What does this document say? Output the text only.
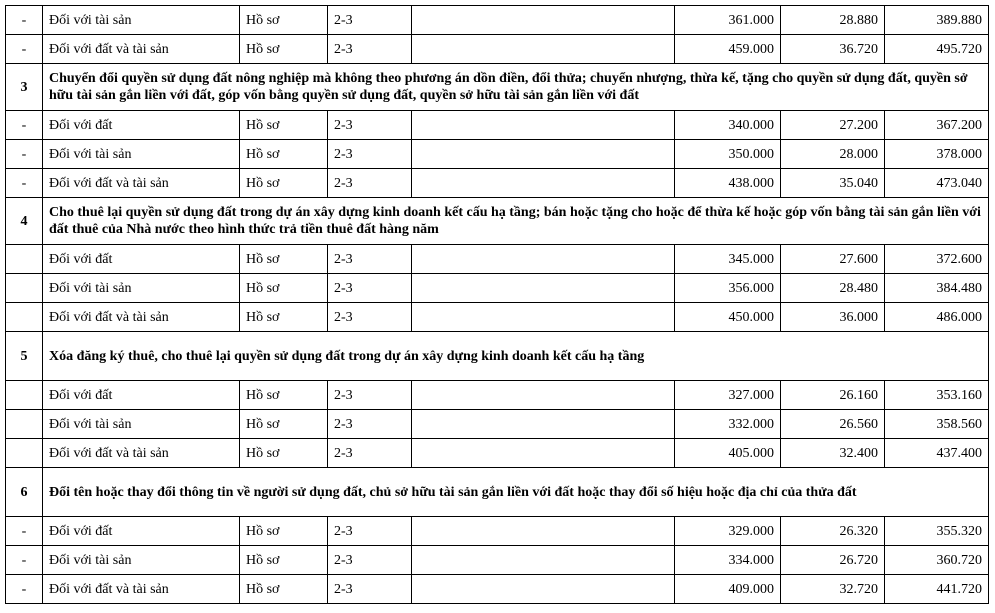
-	Đối với tài sản	Hồ sơ	2-3		361.000	28.880	389.880	
-	Đối với đất và tài sản	Hồ sơ	2-3		459.000	36.720	495.720	
3	Chuyển đổi quyền sử dụng đất nông nghiệp mà không theo phương án dồn điền, đổi thửa; chuyển nhượng, thừa kế, tặng cho quyền sử dụng đất, quyền sở hữu tài sản gắn liền với đất, góp vốn bằng quyền sử dụng đất, quyền sở hữu tài sản gắn liền với đất							
-	Đối với đất	Hồ sơ	2-3		340.000	27.200	367.200	
-	Đối với tài sản	Hồ sơ	2-3		350.000	28.000	378.000	
-	Đối với đất và tài sản	Hồ sơ	2-3		438.000	35.040	473.040	
4	Cho thuê lại quyền sử dụng đất trong dự án xây dựng kinh doanh kết cấu hạ tầng; bán hoặc tặng cho hoặc để thừa kế hoặc góp vốn bằng tài sản gắn liền với đất thuê của Nhà nước theo hình thức trả tiền thuê đất hàng năm							
	Đối với đất	Hồ sơ	2-3		345.000	27.600	372.600	
	Đối với tài sản	Hồ sơ	2-3		356.000	28.480	384.480	
	Đối với đất và tài sản	Hồ sơ	2-3		450.000	36.000	486.000	
5	Xóa đăng ký thuê, cho thuê lại quyền sử dụng đất trong dự án xây dựng kinh doanh kết cấu hạ tầng							
	Đối với đất	Hồ sơ	2-3		327.000	26.160	353.160	
	Đối với tài sản	Hồ sơ	2-3		332.000	26.560	358.560	
	Đối với đất và tài sản	Hồ sơ	2-3		405.000	32.400	437.400	
6	Đổi tên hoặc thay đổi thông tin về người sử dụng đất, chủ sở hữu tài sản gắn liền với đất hoặc thay đổi số hiệu hoặc địa chỉ của thửa đất							
-	Đối với đất	Hồ sơ	2-3		329.000	26.320	355.320	
-	Đối với tài sản	Hồ sơ	2-3		334.000	26.720	360.720	
-	Đối với đất và tài sản	Hồ sơ	2-3		409.000	32.720	441.720	
